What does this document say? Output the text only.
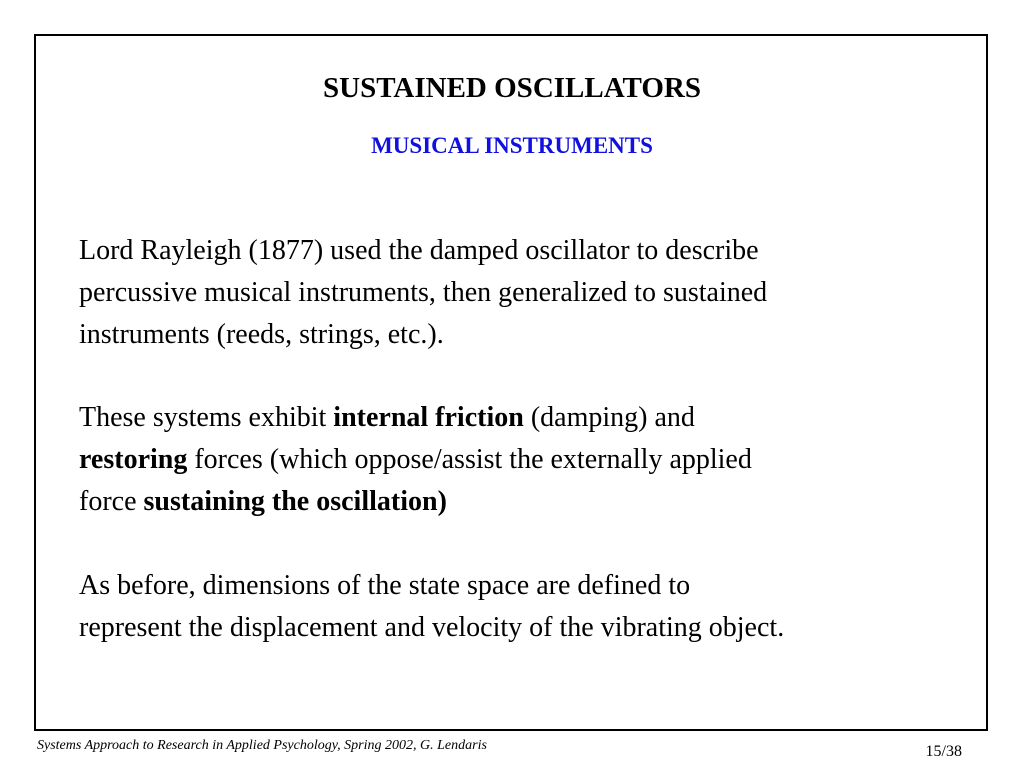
SUSTAINED OSCILLATORS
MUSICAL INSTRUMENTS

Lord Rayleigh (1877) used the damped oscillator to describe
percussive musical instruments, then generalized to sustained
instruments (reeds, strings, etc.).

These systems exhibit internal friction (damping) and
restoring forces (which oppose/assist the externally applied
force sustaining the oscillation)

As before, dimensions of the state space are defined to
represent the displacement and velocity of the vibrating object.

Systems Approach to Research in Applied Psychology, Spring 2002, G. Lendaris	15/38
